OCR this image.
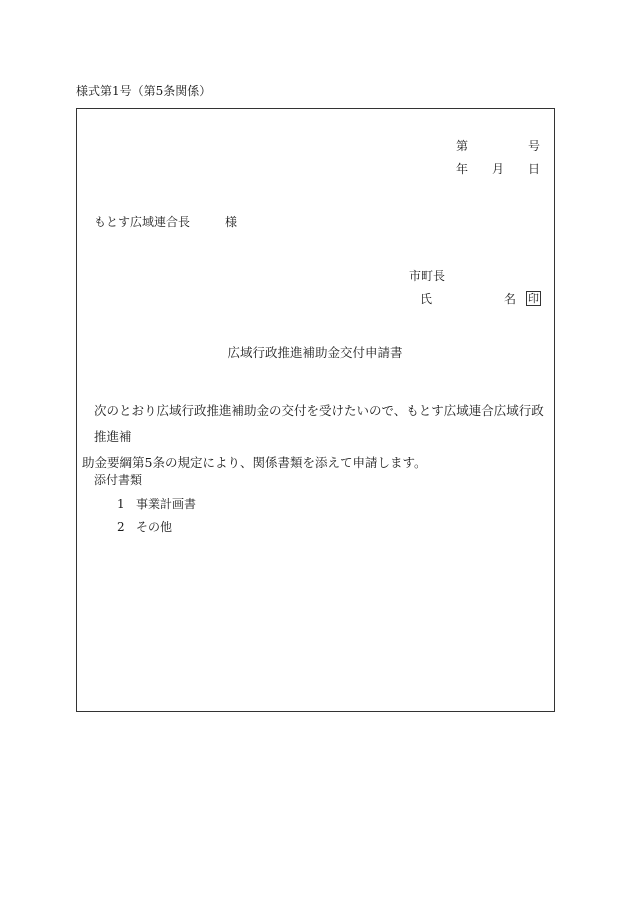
様式第1号（第5条関係）
第	号
年 月 日
もとす広域連合長	様
市町長
氏	名	印
広域行政推進補助金交付申請書
次のとおり広域行政推進補助金の交付を受けたいので、もとす広域連合広域行政推進補
助金要綱第5条の規定により、関係書類を添えて申請します。
添付書類
1 事業計画書
2 その他
